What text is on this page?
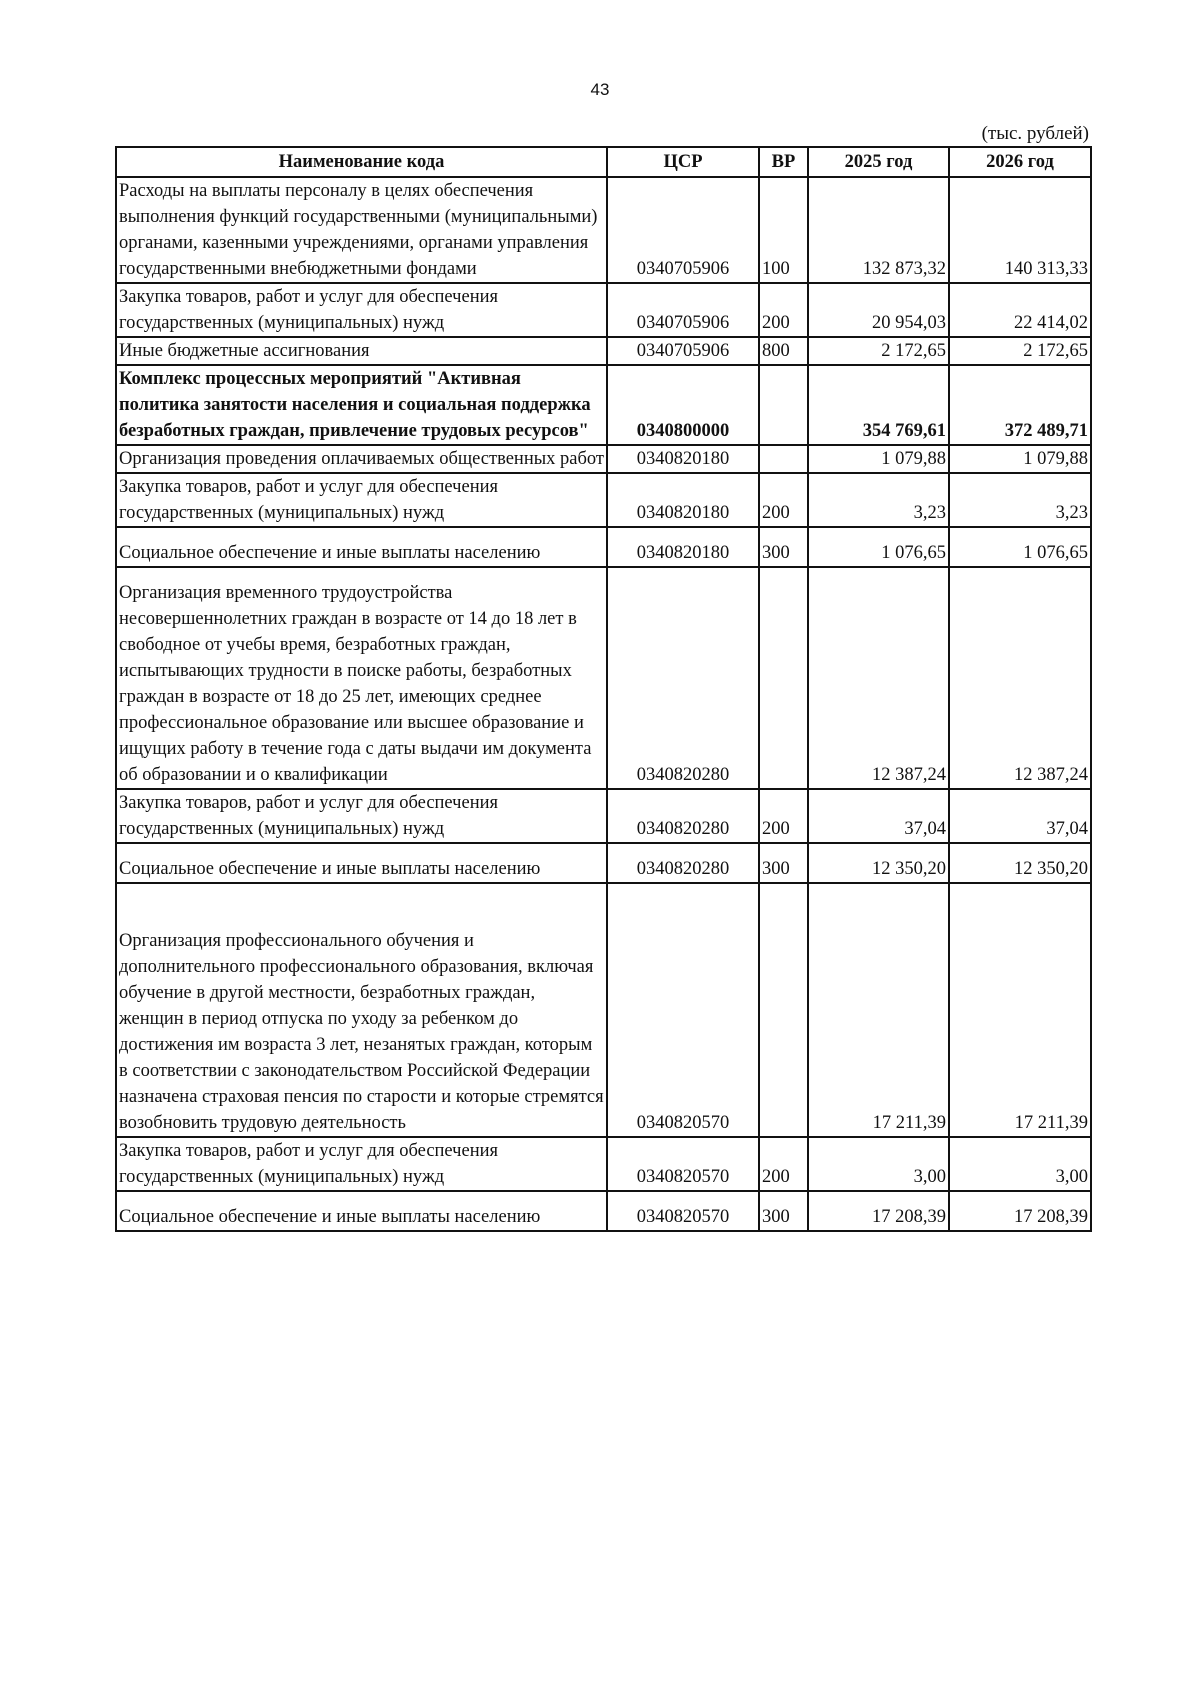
43
(тыс. рублей)
Наименование кода	ЦСР	ВР	2025 год	2026 год
Расходы на выплаты персоналу в целях обеспечения выполнения функций государственными (муниципальными) органами, казенными учреждениями, органами управления государственными внебюджетными фондами	0340705906	100	132 873,32	140 313,33
Закупка товаров, работ и услуг для обеспечения государственных (муниципальных) нужд	0340705906	200	20 954,03	22 414,02
Иные бюджетные ассигнования	0340705906	800	2 172,65	2 172,65
Комплекс процессных мероприятий "Активная политика занятости населения и социальная поддержка безработных граждан, привлечение трудовых ресурсов"	0340800000		354 769,61	372 489,71
Организация проведения оплачиваемых общественных работ	0340820180		1 079,88	1 079,88
Закупка товаров, работ и услуг для обеспечения государственных (муниципальных) нужд	0340820180	200	3,23	3,23
Социальное обеспечение и иные выплаты населению	0340820180	300	1 076,65	1 076,65
Организация временного трудоустройства несовершеннолетних граждан в возрасте от 14 до 18 лет в свободное от учебы время, безработных граждан, испытывающих трудности в поиске работы, безработных граждан в возрасте от 18 до 25 лет, имеющих среднее профессиональное образование или высшее образование и ищущих работу в течение года с даты выдачи им документа об образовании и о квалификации	0340820280		12 387,24	12 387,24
Закупка товаров, работ и услуг для обеспечения государственных (муниципальных) нужд	0340820280	200	37,04	37,04
Социальное обеспечение и иные выплаты населению	0340820280	300	12 350,20	12 350,20
Организация профессионального обучения и дополнительного профессионального образования, включая обучение в другой местности, безработных граждан, женщин в период отпуска по уходу за ребенком до достижения им возраста 3 лет, незанятых граждан, которым в соответствии с законодательством Российской Федерации назначена страховая пенсия по старости и которые стремятся возобновить трудовую деятельность	0340820570		17 211,39	17 211,39
Закупка товаров, работ и услуг для обеспечения государственных (муниципальных) нужд	0340820570	200	3,00	3,00
Социальное обеспечение и иные выплаты населению	0340820570	300	17 208,39	17 208,39
